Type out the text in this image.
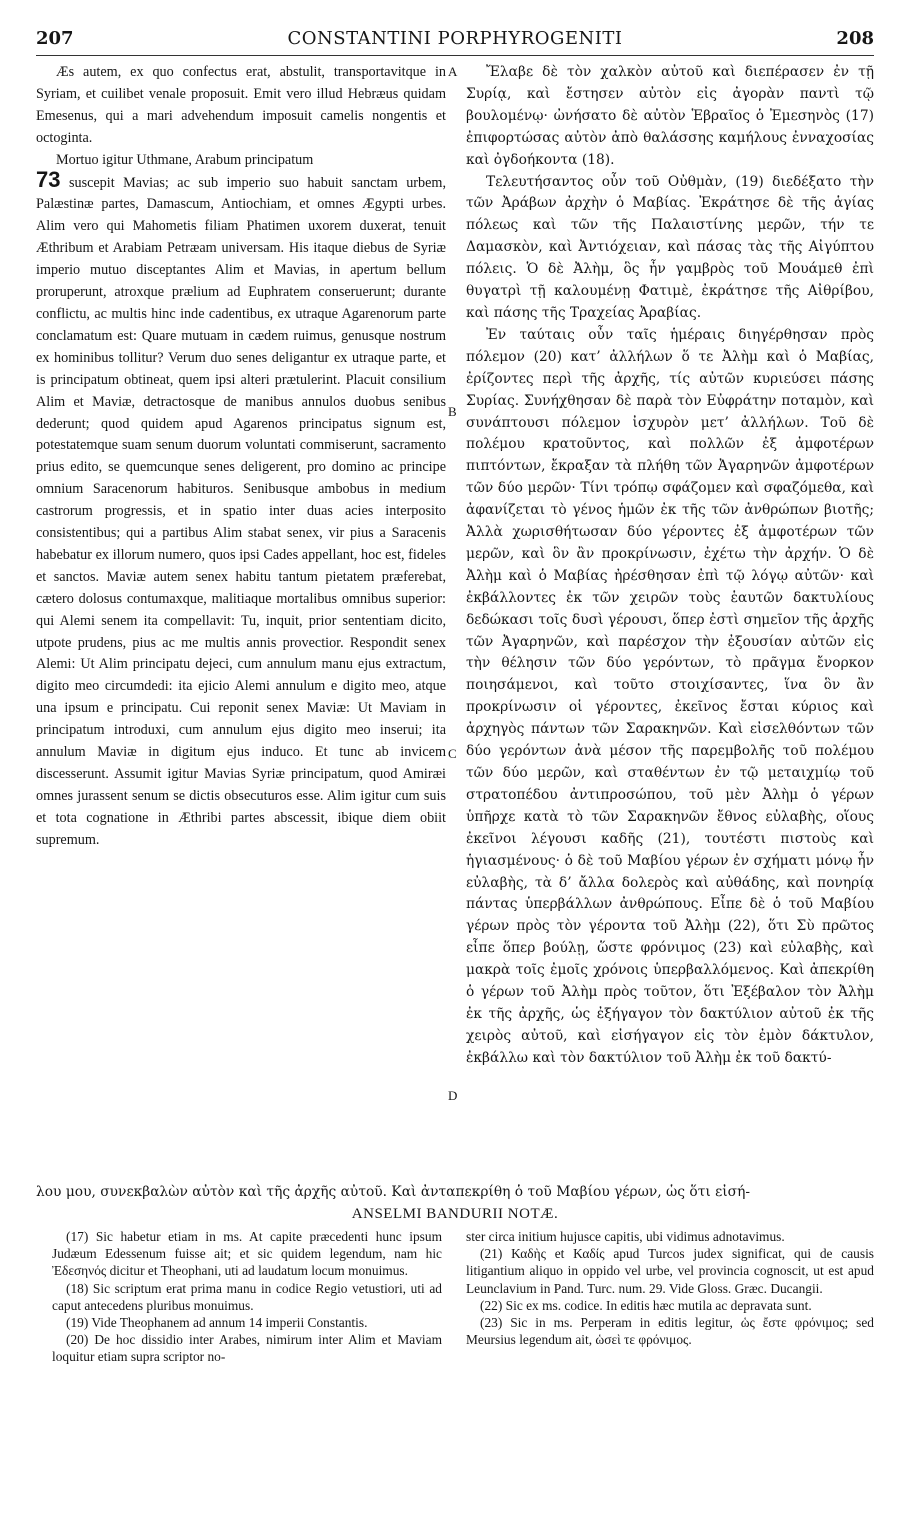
207	CONSTANTINI PORPHYROGENITI	208

Æs autem, ex quo confectus erat, abstulit, transportavitque in Syriam, et cuilibet venale proposuit. Emit vero illud Hebræus quidam Emesenus, qui a mari advehendum imposuit camelis nongentis et octoginta.

Mortuo igitur Uthmane, Arabum principatum
73 suscepit Mavias; ac sub imperio suo habuit sanctam urbem, Palæstinæ partes, Damascum, Antiochiam, et omnes Ægypti urbes. Alim vero qui Mahometis filiam Phatimen uxorem duxerat, tenuit Æthribum et Arabiam Petræam universam. His itaque diebus de Syriæ imperio mutuo disceptantes Alim et Mavias, in apertum bellum proruperunt, atroxque prælium ad Euphratem conseruerunt; durante conflictu, ac multis hinc inde cadentibus, ex utraque Agarenorum parte conclamatum est: Quare mutuam in cædem ruimus, genusque nostrum ex hominibus tollitur? Verum duo senes deligantur ex utraque parte, et is principatum obtineat, quem ipsi alteri prætulerint. Placuit consilium Alim et Maviæ, detractosque de manibus annulos duobus senibus dederunt; quod quidem apud Agarenos principatus signum est, potestatemque suam senum duorum voluntati commiserunt, sacramento prius edito, se quemcunque senes deligerent, pro domino ac principe omnium Saracenorum habituros. Senibusque ambobus in medium castrorum progressis, et in spatio inter duas acies interposito consistentibus; qui a partibus Alim stabat senex, vir pius a Saracenis habebatur ex illorum numero, quos ipsi Cades appellant, hoc est, fideles et sanctos. Maviæ autem senex habitu tantum pietatem præferebat, cætero dolosus contumaxque, malitiaque mortalibus omnibus superior: qui Alemi senem ita compellavit: Tu, inquit, prior sententiam dicito, utpote prudens, pius ac me multis annis provectior. Respondit senex Alemi: Ut Alim principatu dejeci, cum annulum manu ejus extractum, digito meo circumdedi: ita ejicio Alemi annulum e digito meo, atque una ipsum e principatu. Cui reponit senex Maviæ: Ut Maviam in principatum introduxi, cum annulum ejus digito meo inserui; ita annulum Maviæ in digitum ejus induco. Et tunc ab invicem discesserunt. Assumit igitur Mavias Syriæ principatum, quod Amiræi omnes jurassent senum se dictis obsecuturos esse. Alim igitur cum suis et tota cognatione in Æthribi partes abscessit, ibique diem obiit supremum.

A
B
C
D

Ἔλαβε δὲ τὸν χαλκὸν αὐτοῦ καὶ διεπέρασεν ἐν τῇ Συρίᾳ, καὶ ἔστησεν αὐτὸν εἰς ἀγορὰν παντὶ τῷ βουλομένῳ· ὠνήσατο δὲ αὐτὸν Ἑβραῖος ὁ Ἐμεσηνὸς (17) ἐπιφορτώσας αὐτὸν ἀπὸ θαλάσσης καμήλους ἐνναχοσίας καὶ ὀγδοήκοντα (18).

Τελευτήσαντος οὖν τοῦ Οὐθμὰν, (19) διεδέξατο τὴν τῶν Ἀράβων ἀρχὴν ὁ Μαβίας. Ἐκράτησε δὲ τῆς ἁγίας πόλεως καὶ τῶν τῆς Παλαιστίνης μερῶν, τήν τε Δαμασκὸν, καὶ Ἀντιόχειαν, καὶ πάσας τὰς τῆς Αἰγύπτου πόλεις. Ὁ δὲ Ἀλὴμ, ὃς ἦν γαμβρὸς τοῦ Μουάμεθ ἐπὶ θυγατρὶ τῇ καλουμένῃ Φατιμὲ, ἐκράτησε τῆς Αἰθρίβου, καὶ πάσης τῆς Τραχείας Ἀραβίας.

Ἐν ταύταις οὖν ταῖς ἡμέραις διηγέρθησαν πρὸς πόλεμον (20) κατ’ ἀλλήλων ὅ τε Ἀλὴμ καὶ ὁ Μαβίας, ἐρίζοντες περὶ τῆς ἀρχῆς, τίς αὐτῶν κυριεύσει πάσης Συρίας. Συνήχθησαν δὲ παρὰ τὸν Εὐφράτην ποταμὸν, καὶ συνάπτουσι πόλεμον ἰσχυρὸν μετ’ ἀλλήλων. Τοῦ δὲ πολέμου κρατοῦντος, καὶ πολλῶν ἐξ ἀμφοτέρων πιπτόντων, ἔκραξαν τὰ πλήθη τῶν Ἀγαρηνῶν ἀμφοτέρων τῶν δύο μερῶν· Τίνι τρόπῳ σφάζομεν καὶ σφαζόμεθα, καὶ ἀφανίζεται τὸ γένος ἡμῶν ἐκ τῆς τῶν ἀνθρώπων βιοτῆς; Ἀλλὰ χωρισθήτωσαν δύο γέροντες ἐξ ἀμφοτέρων τῶν μερῶν, καὶ ὃν ἂν προκρίνωσιν, ἐχέτω τὴν ἀρχήν. Ὁ δὲ Ἀλὴμ καὶ ὁ Μαβίας ἠρέσθησαν ἐπὶ τῷ λόγῳ αὐτῶν· καὶ ἐκβάλλοντες ἐκ τῶν χειρῶν τοὺς ἑαυτῶν δακτυλίους δεδώκασι τοῖς δυσὶ γέρουσι, ὅπερ ἐστὶ σημεῖον τῆς ἀρχῆς τῶν Ἀγαρηνῶν, καὶ παρέσχον τὴν ἐξουσίαν αὐτῶν εἰς τὴν θέλησιν τῶν δύο γερόντων, τὸ πρᾶγμα ἔνορκον ποιησάμενοι, καὶ τοῦτο στοιχίσαντες, ἵνα ὃν ἂν προκρίνωσιν οἱ γέροντες, ἐκεῖνος ἔσται κύριος καὶ ἀρχηγὸς πάντων τῶν Σαρακηνῶν. Καὶ εἰσελθόντων τῶν δύο γερόντων ἀνὰ μέσον τῆς παρεμβολῆς τοῦ πολέμου τῶν δύο μερῶν, καὶ σταθέντων ἐν τῷ μεταιχμίῳ τοῦ στρατοπέδου ἀντιπροσώπου, τοῦ μὲν Ἀλὴμ ὁ γέρων ὑπῆρχε κατὰ τὸ τῶν Σαρακηνῶν ἔθνος εὐλαβὴς, οἵους ἐκεῖνοι λέγουσι καδῆς (21), τουτέστι πιστοὺς καὶ ἡγιασμένους· ὁ δὲ τοῦ Μαβίου γέρων ἐν σχήματι μόνῳ ἦν εὐλαβὴς, τὰ δ’ ἄλλα δολερὸς καὶ αὐθάδης, καὶ πονηρίᾳ πάντας ὑπερβάλλων ἀνθρώπους. Εἶπε δὲ ὁ τοῦ Μαβίου γέρων πρὸς τὸν γέροντα τοῦ Ἀλὴμ (22), ὅτι Σὺ πρῶτος εἶπε ὅπερ βούλῃ, ὥστε φρόνιμος (23) καὶ εὐλαβὴς, καὶ μακρὰ τοῖς ἐμοῖς χρόνοις ὑπερβαλλόμενος. Καὶ ἀπεκρίθη ὁ γέρων τοῦ Ἀλὴμ πρὸς τοῦτον, ὅτι Ἐξέβαλον τὸν Ἀλὴμ ἐκ τῆς ἀρχῆς, ὡς ἐξήγαγον τὸν δακτύλιον αὐτοῦ ἐκ τῆς χειρὸς αὐτοῦ, καὶ εἰσήγαγον εἰς τὸν ἐμὸν δάκτυλον, ἐκβάλλω καὶ τὸν δακτύλιον τοῦ Ἀλὴμ ἐκ τοῦ δακτύ-

λου μου, συνεκβαλὼν αὐτὸν καὶ τῆς ἀρχῆς αὐτοῦ. Καὶ ἀνταπεκρίθη ὁ τοῦ Μαβίου γέρων, ὡς ὅτι εἰσή-
ANSELMI BANDURII NOTÆ.

(17) Sic habetur etiam in ms. At capite præcedenti hunc ipsum Judæum Edessenum fuisse ait; et sic quidem legendum, nam hic Ἐδεσηνός dicitur et Theophani, uti ad laudatum locum monuimus.

(18) Sic scriptum erat prima manu in codice Regio vetustiori, uti ad caput antecedens pluribus monuimus.

(19) Vide Theophanem ad annum 14 imperii Constantis.

(20) De hoc dissidio inter Arabes, nimirum inter Alim et Maviam loquitur etiam supra scriptor no-

ster circa initium hujusce capitis, ubi vidimus adnotavimus.

(21) Καδὴς et Καδίς apud Turcos judex significat, qui de causis litigantium aliquo in oppido vel urbe, vel provincia cognoscit, ut est apud Leunclavium in Pand. Turc. num. 29. Vide Gloss. Græc. Ducangii.

(22) Sic ex ms. codice. In editis hæc mutila ac depravata sunt.

(23) Sic in ms. Perperam in editis legitur, ὡς ἔστε φρόνιμος; sed Meursius legendum ait, ὡσεὶ τε φρόνιμος.
